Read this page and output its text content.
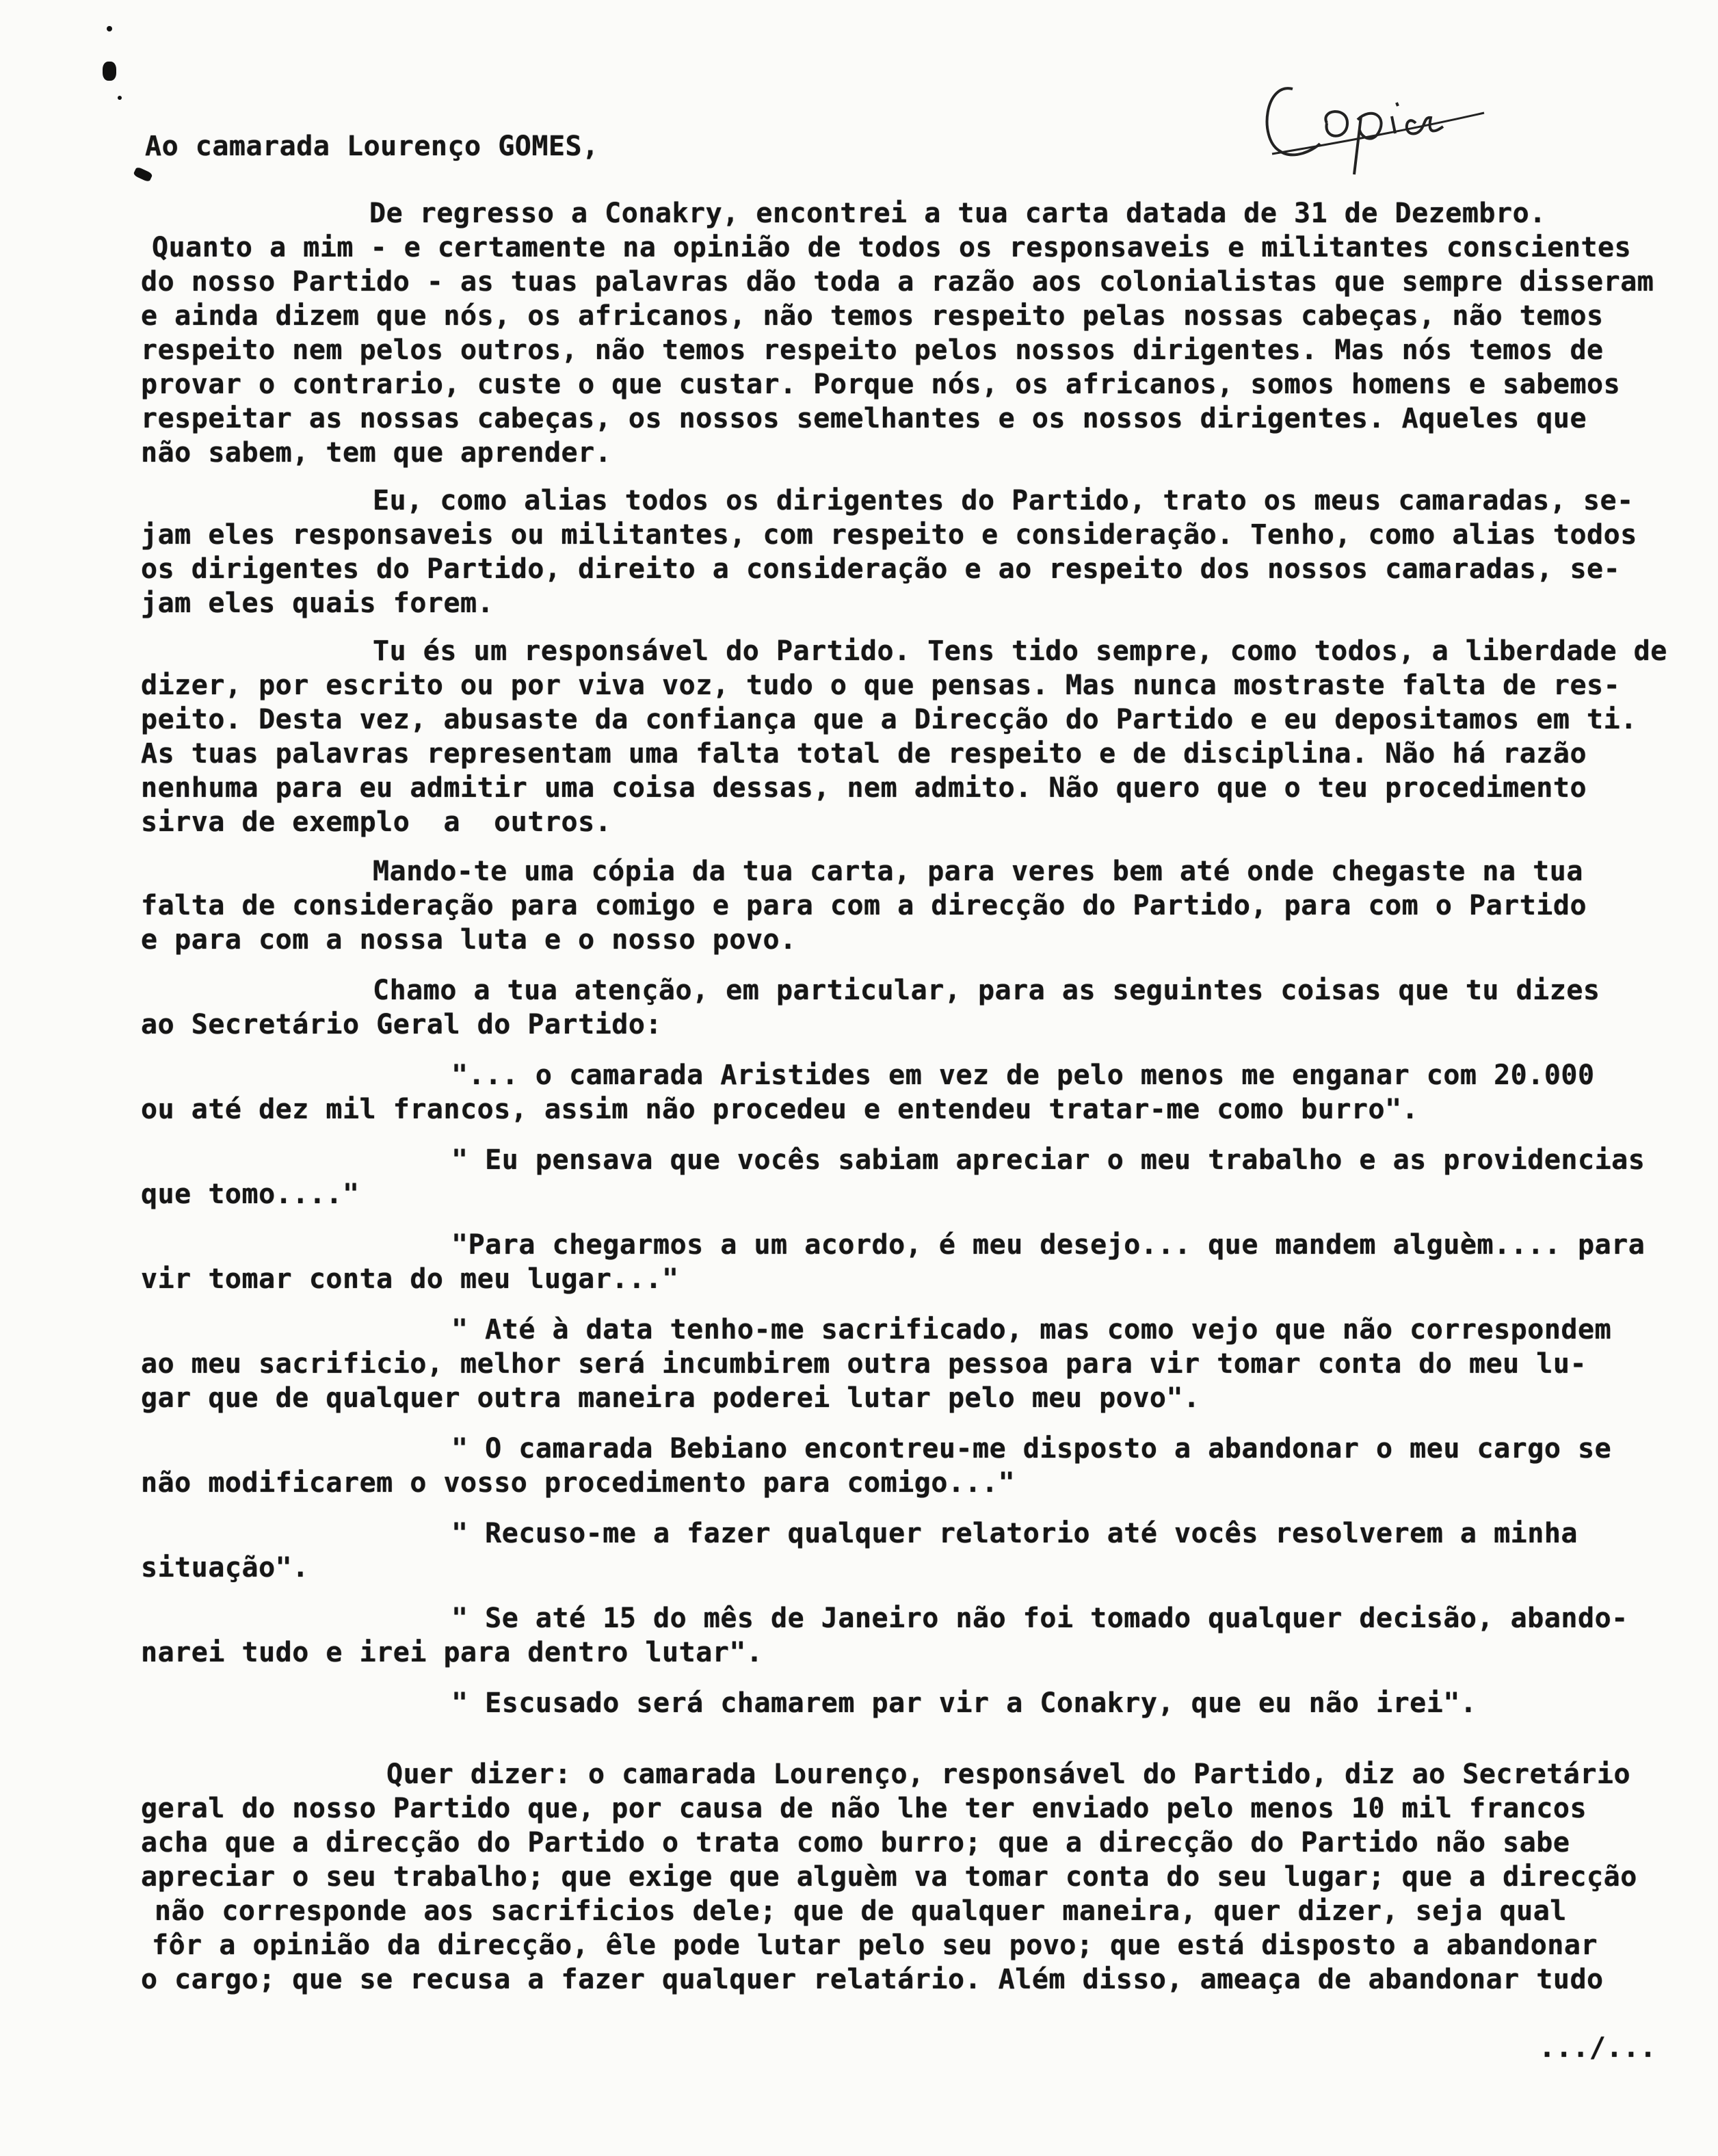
Ao camarada Lourenço GOMES,
De regresso a Conakry, encontrei a tua carta datada de 31 de Dezembro.
Quanto a mim - e certamente na opinião de todos os responsaveis e militantes conscientes
do nosso Partido - as tuas palavras dão toda a razão aos colonialistas que sempre disseram
e ainda dizem que nós, os africanos, não temos respeito pelas nossas cabeças, não temos
respeito nem pelos outros, não temos respeito pelos nossos dirigentes. Mas nós temos de
provar o contrario, custe o que custar. Porque nós, os africanos, somos homens e sabemos
respeitar as nossas cabeças, os nossos semelhantes e os nossos dirigentes. Aqueles que
não sabem, tem que aprender.
Eu, como alias todos os dirigentes do Partido, trato os meus camaradas, se-
jam eles responsaveis ou militantes, com respeito e consideração. Tenho, como alias todos
os dirigentes do Partido, direito a consideração e ao respeito dos nossos camaradas, se-
jam eles quais forem.
Tu és um responsável do Partido. Tens tido sempre, como todos, a liberdade de
dizer, por escrito ou por viva voz, tudo o que pensas. Mas nunca mostraste falta de res-
peito. Desta vez, abusaste da confiança que a Direcção do Partido e eu depositamos em ti.
As tuas palavras representam uma falta total de respeito e de disciplina. Não há razão
nenhuma para eu admitir uma coisa dessas, nem admito. Não quero que o teu procedimento
sirva de exemplo  a  outros.
Mando-te uma cópia da tua carta, para veres bem até onde chegaste na tua
falta de consideração para comigo e para com a direcção do Partido, para com o Partido
e para com a nossa luta e o nosso povo.
Chamo a tua atenção, em particular, para as seguintes coisas que tu dizes
ao Secretário Geral do Partido:
"... o camarada Aristides em vez de pelo menos me enganar com 20.000
ou até dez mil francos, assim não procedeu e entendeu tratar-me como burro".
" Eu pensava que vocês sabiam apreciar o meu trabalho e as providencias
que tomo...."
"Para chegarmos a um acordo, é meu desejo... que mandem alguèm.... para
vir tomar conta do meu lugar..."
" Até à data tenho-me sacrificado, mas como vejo que não correspondem
ao meu sacrificio, melhor será incumbirem outra pessoa para vir tomar conta do meu lu-
gar que de qualquer outra maneira poderei lutar pelo meu povo".
" O camarada Bebiano encontreu-me disposto a abandonar o meu cargo se
não modificarem o vosso procedimento para comigo..."
" Recuso-me a fazer qualquer relatorio até vocês resolverem a minha
situação".
" Se até 15 do mês de Janeiro não foi tomado qualquer decisão, abando-
narei tudo e irei para dentro lutar".
" Escusado será chamarem par vir a Conakry, que eu não irei".
Quer dizer: o camarada Lourenço, responsável do Partido, diz ao Secretário
geral do nosso Partido que, por causa de não lhe ter enviado pelo menos 10 mil francos
acha que a direcção do Partido o trata como burro; que a direcção do Partido não sabe
apreciar o seu trabalho; que exige que alguèm va tomar conta do seu lugar; que a direcção
não corresponde aos sacrificios dele; que de qualquer maneira, quer dizer, seja qual
fôr a opinião da direcção, êle pode lutar pelo seu povo; que está disposto a abandonar
o cargo; que se recusa a fazer qualquer relatário. Além disso, ameaça de abandonar tudo
.../...
